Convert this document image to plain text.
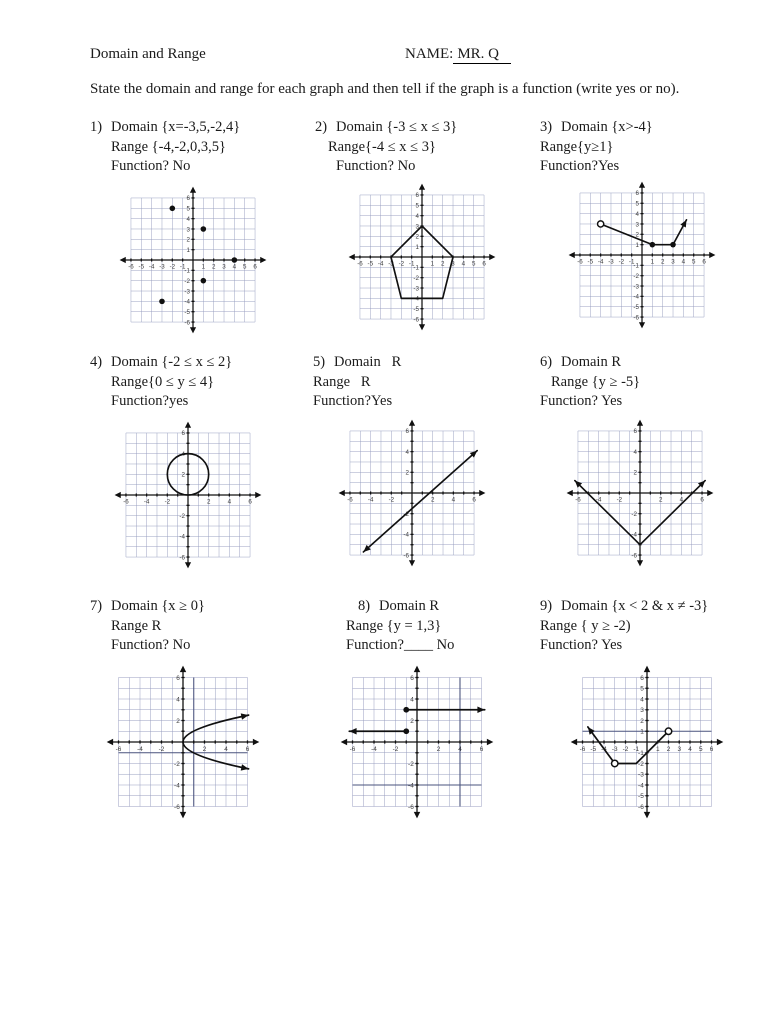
Domain and Range	NAME: MR. Q
State the domain and range for each graph and then tell if the graph is a function (write yes or no).
1) Domain {x=-3,5,-2,4}
Range {-4,-2,0,3,5}
Function? No
2) Domain {-3 ≤ x ≤ 3}
Range{-4 ≤ x ≤ 3}
Function? No
3) Domain {x>-4}
Range{y≥1}
Function?Yes
4) Domain {-2 ≤ x ≤ 2}
Range{0 ≤ y ≤ 4}
Function?yes
5) Domain   R
Range   R
Function?Yes
6) Domain R
Range {y ≥ -5}
Function? Yes
7) Domain {x ≥ 0}
Range R
Function? No
8) Domain R
Range {y = 1,3}
Function?____ No
9) Domain {x < 2 & x ≠ -3}
Range { y ≥ -2)
Function? Yes
